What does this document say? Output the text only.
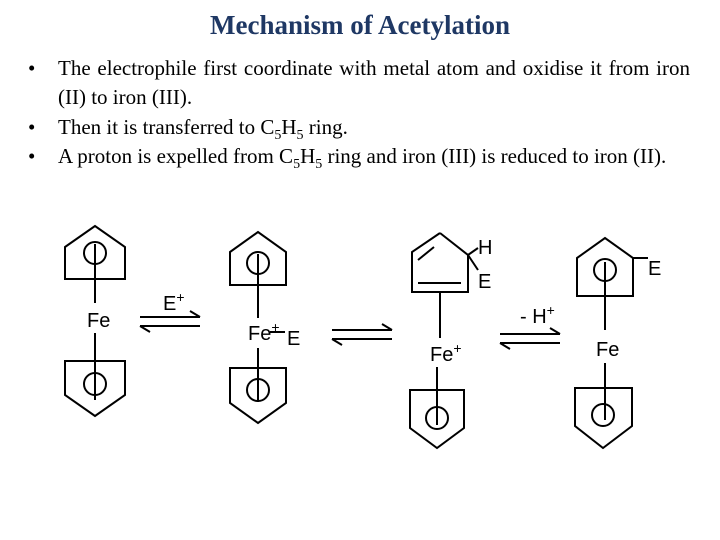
Mechanism of Acetylation
• The electrophile first coordinate with metal atom and oxidise it from iron (II) to iron (III).
• Then it is transferred to $C_5H_5$ ring.
• A proton is expelled from $C_5H_5$ ring and iron (III) is reduced to iron (II).
Fe
E+
Fe+
E
H
E
Fe+
- H+
E
Fe
